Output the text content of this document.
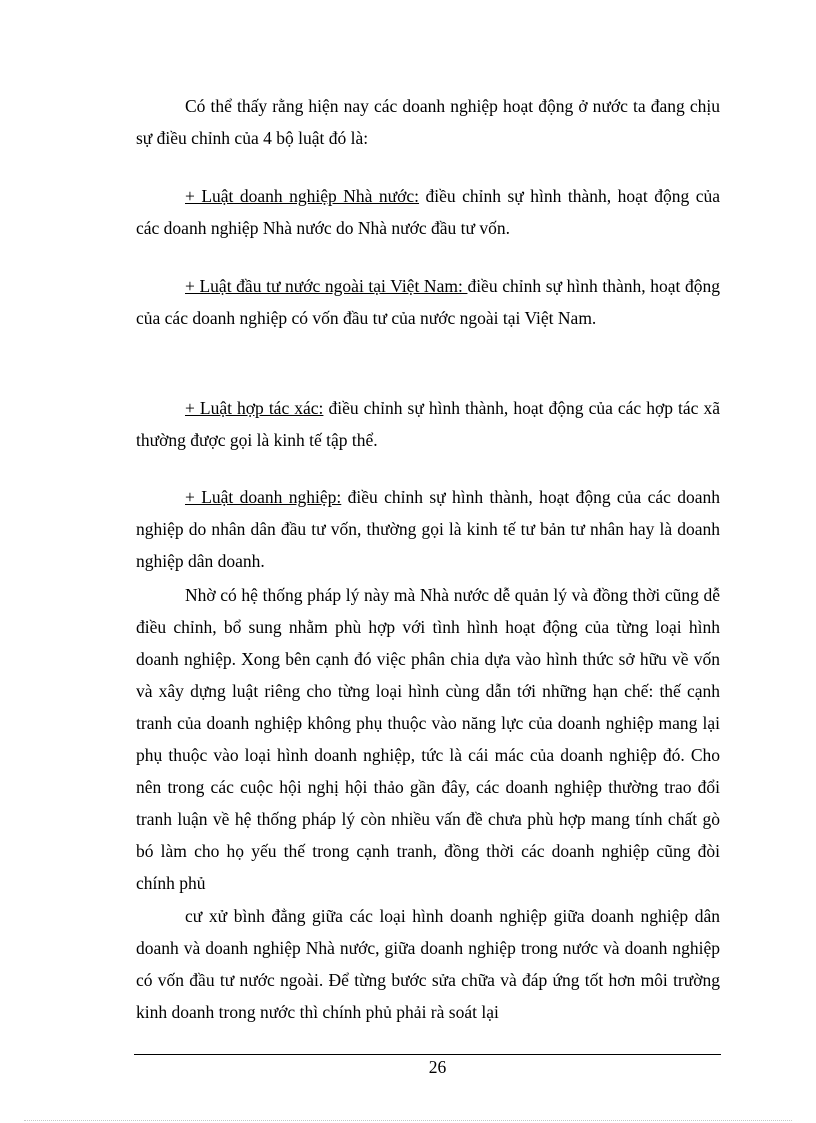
Có thể thấy rằng hiện nay các doanh nghiệp hoạt động ở nước ta đang chịu sự điều chỉnh của 4 bộ luật đó là:

+ Luật doanh nghiệp Nhà nước: điều chỉnh sự hình thành, hoạt động của các doanh nghiệp Nhà nước do Nhà nước đầu tư vốn.

+ Luật đầu tư nước ngoài tại Việt Nam: điều chỉnh sự hình thành, hoạt động của các doanh nghiệp có vốn đầu tư của nước ngoài tại Việt Nam.

+ Luật hợp tác xác: điều chỉnh sự hình thành, hoạt động của các hợp tác xã thường được gọi là kinh tế tập thể.

+ Luật doanh nghiệp: điều chỉnh sự hình thành, hoạt động của các doanh nghiệp do nhân dân đầu tư vốn, thường gọi là kinh tế tư bản tư nhân hay là doanh nghiệp dân doanh.

Nhờ có hệ thống pháp lý này mà Nhà nước dễ quản lý và đồng thời cũng dễ điều chỉnh, bổ sung nhằm phù hợp với tình hình hoạt động của từng loại hình doanh nghiệp. Xong bên cạnh đó việc phân chia dựa vào hình thức sở hữu về vốn và xây dựng luật riêng cho từng loại hình cùng dẫn tới những hạn chế: thế cạnh tranh của doanh nghiệp không phụ thuộc vào năng lực của doanh nghiệp mang lại phụ thuộc vào loại hình doanh nghiệp, tức là cái mác của doanh nghiệp đó. Cho nên trong các cuộc hội nghị hội thảo gần đây, các doanh nghiệp thường trao đổi tranh luận về hệ thống pháp lý còn nhiều vấn đề chưa phù hợp mang tính chất gò bó làm cho họ yếu thế trong cạnh tranh, đồng thời các doanh nghiệp cũng đòi chính phủ

cư xử bình đẳng giữa các loại hình doanh nghiệp giữa doanh nghiệp dân doanh và doanh nghiệp Nhà nước, giữa doanh nghiệp trong nước và doanh nghiệp có vốn đầu tư nước ngoài. Để từng bước sửa chữa và đáp ứng tốt hơn môi trường kinh doanh trong nước thì chính phủ phải rà soát lại

26
